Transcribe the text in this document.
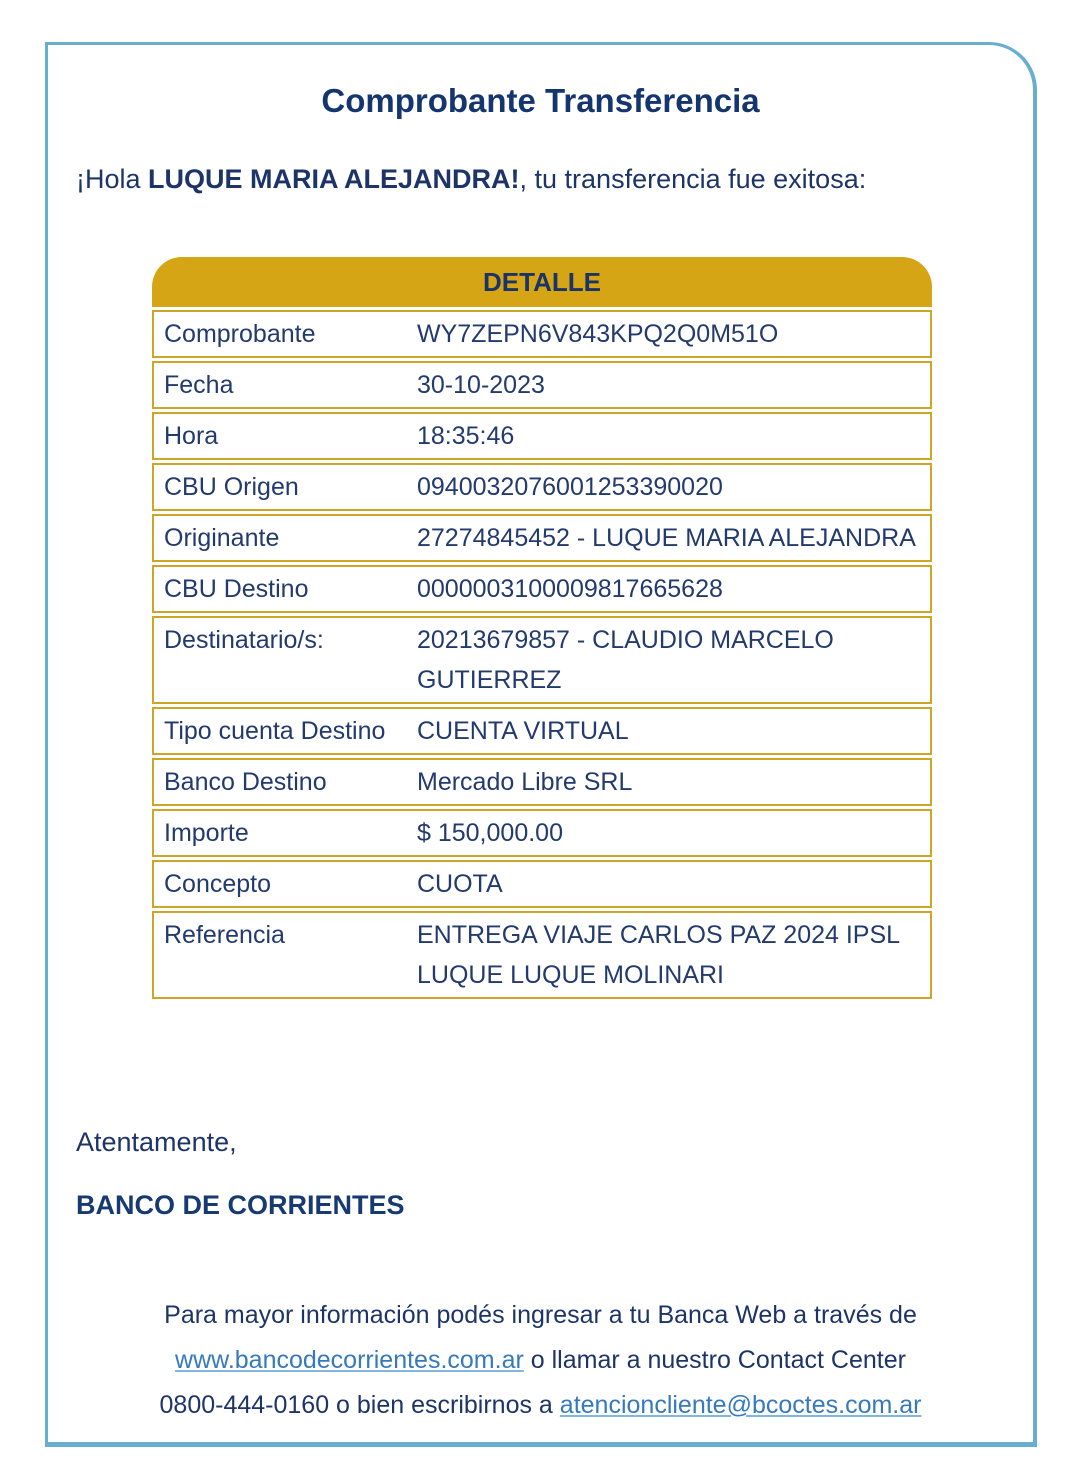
Comprobante Transferencia
¡Hola LUQUE MARIA ALEJANDRA!, tu transferencia fue exitosa:
DETALLE
Comprobante	WY7ZEPN6V843KPQ2Q0M51O
Fecha	30-10-2023
Hora	18:35:46
CBU Origen	0940032076001253390020
Originante	27274845452 - LUQUE MARIA ALEJANDRA
CBU Destino	0000003100009817665628
Destinatario/s:	20213679857 - CLAUDIO MARCELO GUTIERREZ
Tipo cuenta Destino	CUENTA VIRTUAL
Banco Destino	Mercado Libre SRL
Importe	$ 150,000.00
Concepto	CUOTA
Referencia	ENTREGA VIAJE CARLOS PAZ 2024 IPSL LUQUE LUQUE MOLINARI
Atentamente,
BANCO DE CORRIENTES
Para mayor información podés ingresar a tu Banca Web a través de
www.bancodecorrientes.com.ar o llamar a nuestro Contact Center
0800-444-0160 o bien escribirnos a atencioncliente@bcoctes.com.ar
